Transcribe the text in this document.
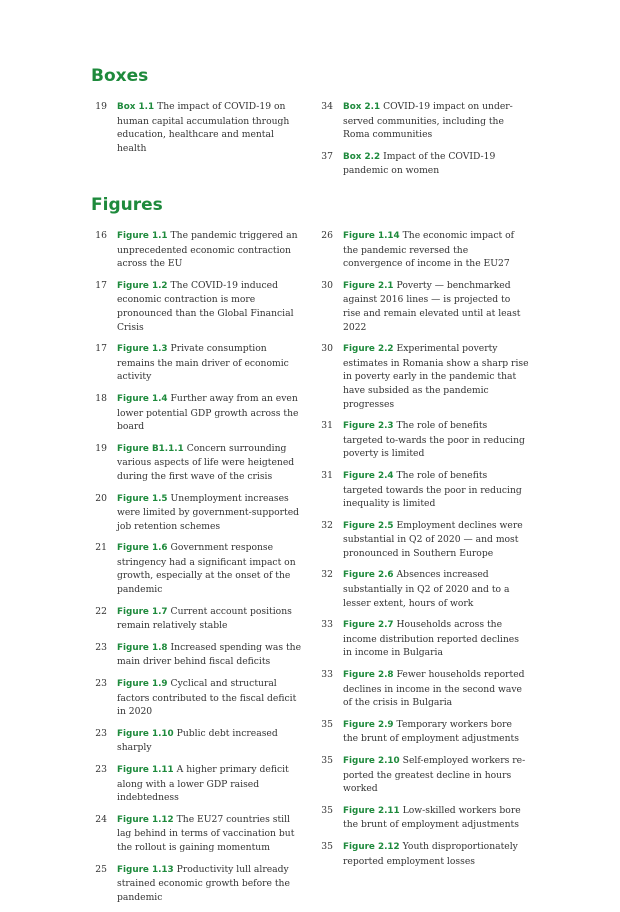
Boxes
19 Box 1.1 The impact of COVID-19 on human capital accumulation through education, healthcare and mental health
34 Box 2.1 COVID-19 impact on under-served communities, including the Roma communities
37 Box 2.2 Impact of the COVID-19 pandemic on women
Figures
16 Figure 1.1 The pandemic triggered an unprecedented economic contraction across the EU
17 Figure 1.2 The COVID-19 induced economic contraction is more pronounced than the Global Financial Crisis
17 Figure 1.3 Private consumption remains the main driver of economic activity
18 Figure 1.4 Further away from an even lower potential GDP growth across the board
19 Figure B1.1.1 Concern surrounding various aspects of life were heigtened during the first wave of the crisis
20 Figure 1.5 Unemployment increases were limited by government-supported job retention schemes
21 Figure 1.6 Government response stringency had a significant impact on growth, especially at the onset of the pandemic
22 Figure 1.7 Current account positions remain relatively stable
23 Figure 1.8 Increased spending was the main driver behind fiscal deficits
23 Figure 1.9 Cyclical and structural factors contributed to the fiscal deficit in 2020
23 Figure 1.10 Public debt increased sharply
23 Figure 1.11 A higher primary deficit along with a lower GDP raised indebtedness
24 Figure 1.12 The EU27 countries still lag behind in terms of vaccination but the rollout is gaining momentum
25 Figure 1.13 Productivity lull already strained economic growth before the pandemic
26 Figure 1.14 The economic impact of the pandemic reversed the convergence of income in the EU27
30 Figure 2.1 Poverty — benchmarked against 2016 lines — is projected to rise and remain elevated until at least 2022
30 Figure 2.2 Experimental poverty estimates in Romania show a sharp rise in poverty early in the pandemic that have subsided as the pandemic progresses
31 Figure 2.3 The role of benefits targeted to-wards the poor in reducing poverty is limited
31 Figure 2.4 The role of benefits targeted towards the poor in reducing inequality is limited
32 Figure 2.5 Employment declines were substantial in Q2 of 2020 — and most pronounced in Southern Europe
32 Figure 2.6 Absences increased substantially in Q2 of 2020 and to a lesser extent, hours of work
33 Figure 2.7 Households across the income distribution reported declines in income in Bulgaria
33 Figure 2.8 Fewer households reported declines in income in the second wave of the crisis in Bulgaria
35 Figure 2.9 Temporary workers bore the brunt of employment adjustments
35 Figure 2.10 Self-employed workers re-ported the greatest decline in hours worked
35 Figure 2.11 Low-skilled workers bore the brunt of employment adjustments
35 Figure 2.12 Youth disproportionately reported employment losses
